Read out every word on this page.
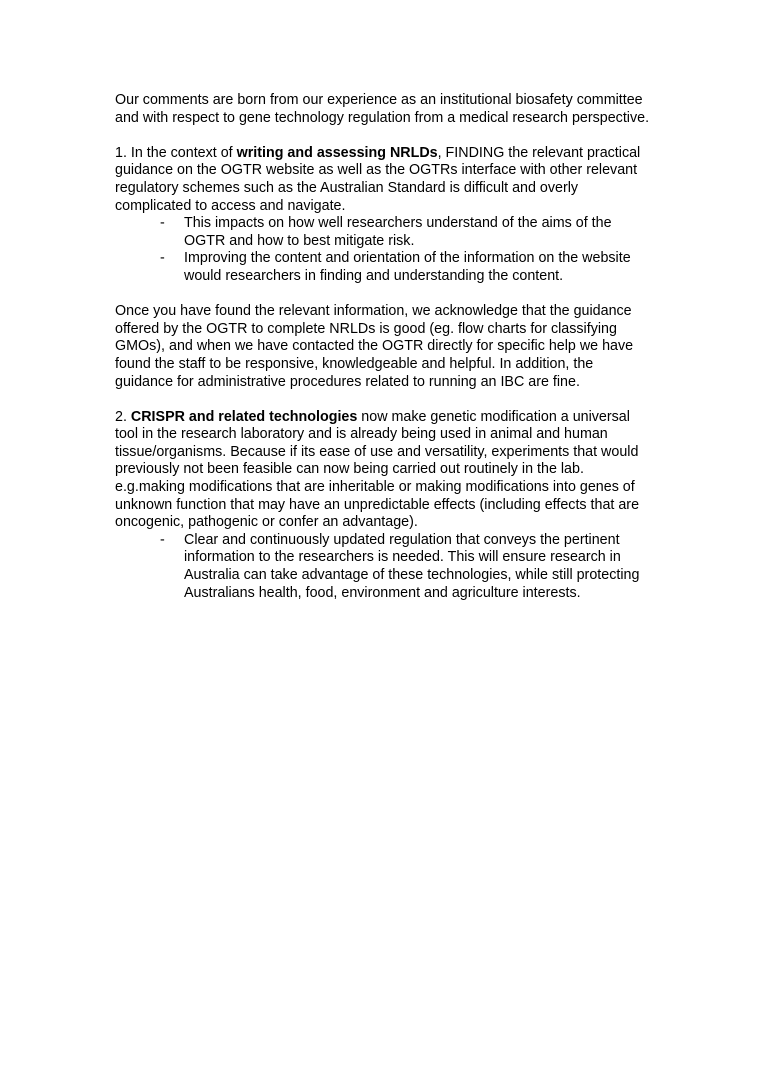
Our comments are born from our experience as an institutional biosafety committee and with respect to gene technology regulation from a medical research perspective.

1. In the context of writing and assessing NRLDs, FINDING the relevant practical guidance on the OGTR website as well as the OGTRs interface with other relevant regulatory schemes such as the Australian Standard is difficult and overly complicated to access and navigate.

- This impacts on how well researchers understand of the aims of the OGTR and how to best mitigate risk.
- Improving the content and orientation of the information on the website would researchers in finding and understanding the content.

Once you have found the relevant information, we acknowledge that the guidance offered by the OGTR to complete NRLDs is good (eg. flow charts for classifying GMOs), and when we have contacted the OGTR directly for specific help we have found the staff to be responsive, knowledgeable and helpful. In addition, the guidance for administrative procedures related to running an IBC are fine.

2. CRISPR and related technologies now make genetic modification a universal tool in the research laboratory and is already being used in animal and human tissue/organisms. Because if its ease of use and versatility, experiments that would previously not been feasible can now being carried out routinely in the lab. e.g.making modifications that are inheritable or making modifications into genes of unknown function that may have an unpredictable effects (including effects that are oncogenic, pathogenic or confer an advantage).

- Clear and continuously updated regulation that conveys the pertinent information to the researchers is needed. This will ensure research in Australia can take advantage of these technologies, while still protecting Australians health, food, environment and agriculture interests.
